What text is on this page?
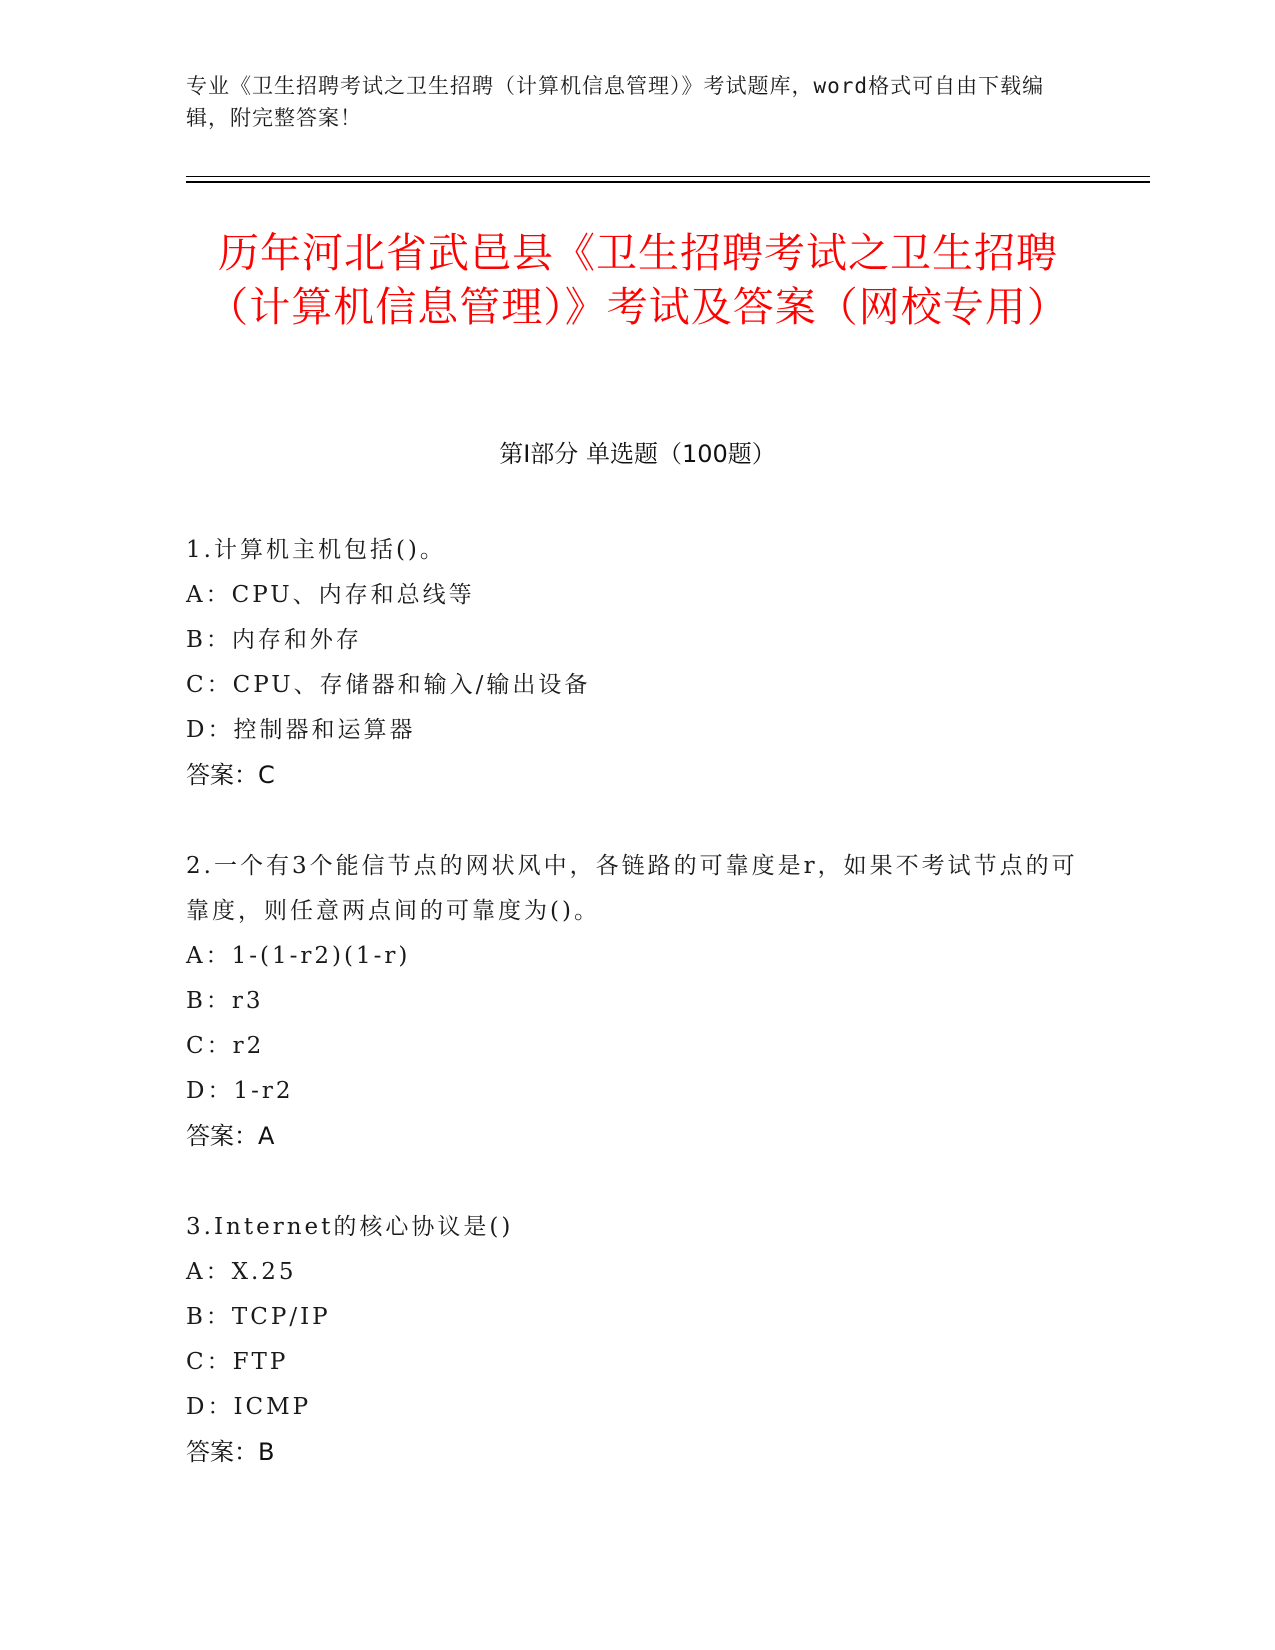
专业《卫生招聘考试之卫生招聘（计算机信息管理）》考试题库，word格式可自由下载编辑，附完整答案！
历年河北省武邑县《卫生招聘考试之卫生招聘（计算机信息管理）》考试及答案（网校专用）
第I部分 单选题（100题）
1.计算机主机包括()。
A：CPU、内存和总线等
B：内存和外存
C：CPU、存储器和输入/输出设备
D：控制器和运算器
答案：C
2.一个有3个能信节点的网状风中，各链路的可靠度是r，如果不考试节点的可靠度，则任意两点间的可靠度为()。
A：1-(1-r2)(1-r)
B：r3
C：r2
D：1-r2
答案：A
3.Internet的核心协议是()
A：X.25
B：TCP/IP
C：FTP
D：ICMP
答案：B
